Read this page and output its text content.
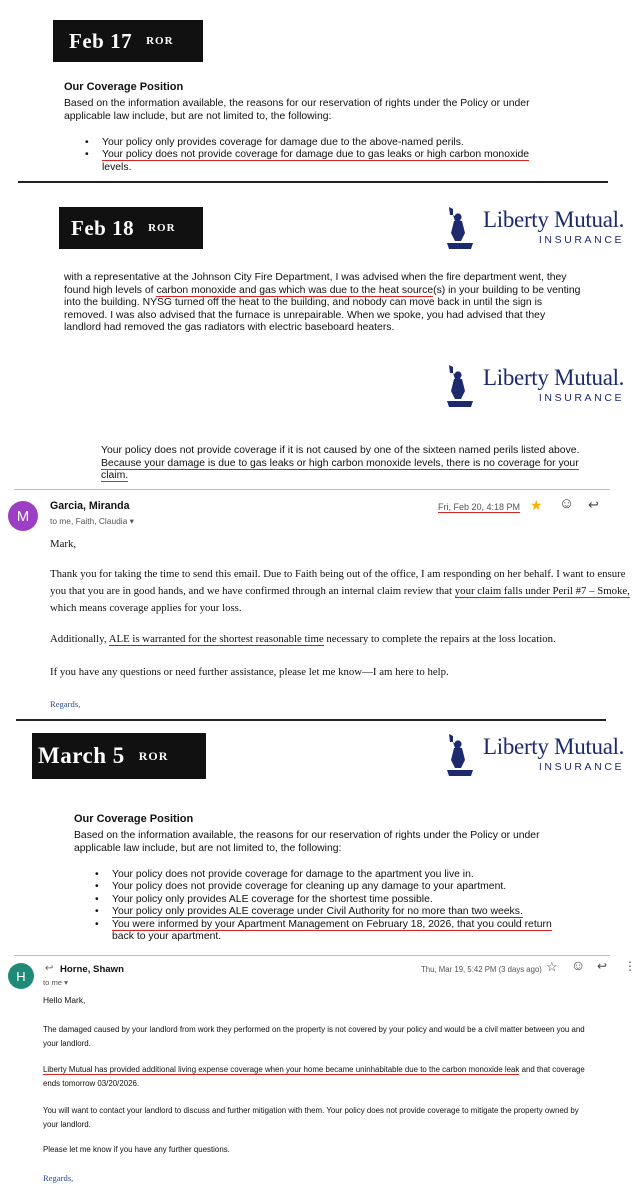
Feb 17 ROR
Our Coverage Position
Based on the information available, the reasons for our reservation of rights under the Policy or under
applicable law include, but are not limited to, the following:
• Your policy only provides coverage for damage due to the above-named perils.
• Your policy does not provide coverage for damage due to gas leaks or high carbon monoxide
levels.
Feb 18 ROR	Liberty Mutual.
INSURANCE
with a representative at the Johnson City Fire Department, I was advised when the fire department went, they
found high levels of carbon monoxide and gas which was due to the heat source(s) in your building to be venting
into the building. NYSG turned off the heat to the building, and nobody can move back in until the sign is
removed. I was also advised that the furnace is unrepairable. When we spoke, you had advised that they
landlord had removed the gas radiators with electric baseboard heaters.
Liberty Mutual.
INSURANCE
Your policy does not provide coverage if it is not caused by one of the sixteen named perils listed above.
Because your damage is due to gas leaks or high carbon monoxide levels, there is no coverage for your
claim.
M
Garcia, Miranda
to me, Faith, Claudia ▾
Fri, Feb 20, 4:18 PM ★ ☺ ↩
Mark,
Thank you for taking the time to send this email. Due to Faith being out of the office, I am responding on her behalf. I want to ensure
you that you are in good hands, and we have confirmed through an internal claim review that your claim falls under Peril #7 – Smoke,
which means coverage applies for your loss.
Additionally, ALE is warranted for the shortest reasonable time necessary to complete the repairs at the loss location.
If you have any questions or need further assistance, please let me know—I am here to help.
Regards,
March 5 ROR	Liberty Mutual.
INSURANCE
Our Coverage Position
Based on the information available, the reasons for our reservation of rights under the Policy or under
applicable law include, but are not limited to, the following:
• Your policy does not provide coverage for damage to the apartment you live in.
• Your policy does not provide coverage for cleaning up any damage to your apartment.
• Your policy only provides ALE coverage for the shortest time possible.
• Your policy only provides ALE coverage under Civil Authority for no more than two weeks.
• You were informed by your Apartment Management on February 18, 2026, that you could return
back to your apartment.
H	↩ Horne, Shawn
to me ▾
Thu, Mar 19, 5:42 PM (3 days ago) ☆ ☺ ↩ ⋮
Hello Mark,
The damaged caused by your landlord from work they performed on the property is not covered by your policy and would be a civil matter between you and
your landlord.
Liberty Mutual has provided additional living expense coverage when your home became uninhabitable due to the carbon monoxide leak and that coverage
ends tomorrow 03/20/2026.
You will want to contact your landlord to discuss and further mitigation with them. Your policy does not provide coverage to mitigate the property owned by
your landlord.
Please let me know if you have any further questions.
Regards,
